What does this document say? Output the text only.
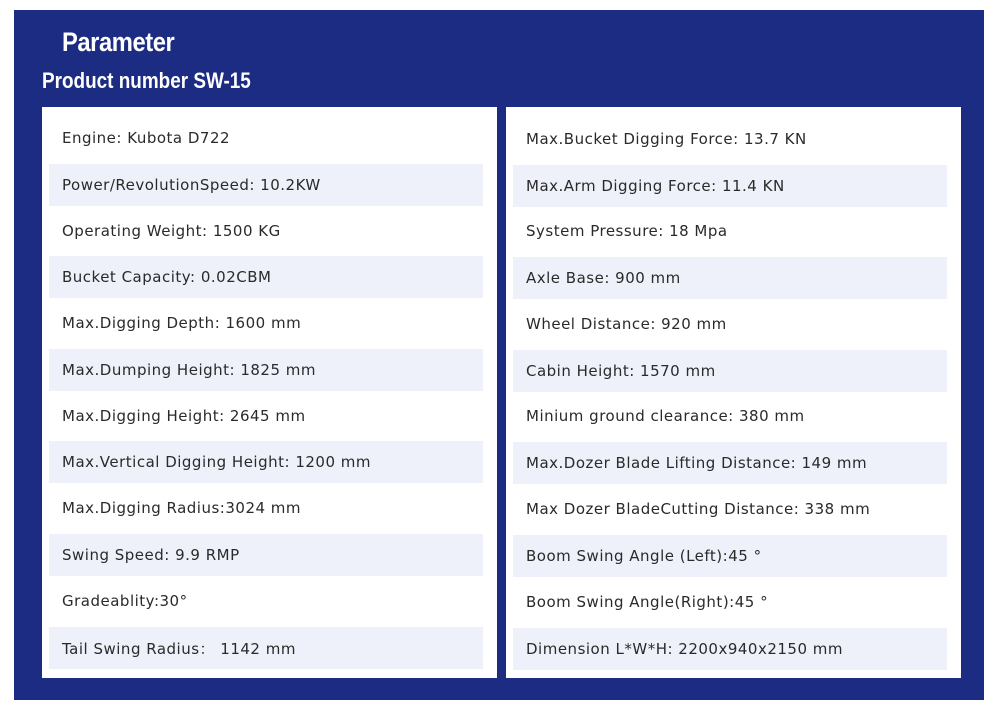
Parameter
Product number SW-15
Engine: Kubota D722
Power/RevolutionSpeed: 10.2KW
Operating Weight: 1500 KG
Bucket Capacity: 0.02CBM
Max.Digging Depth: 1600 mm
Max.Dumping Height: 1825 mm
Max.Digging Height: 2645 mm
Max.Vertical Digging Height: 1200 mm
Max.Digging Radius:3024 mm
Swing Speed: 9.9 RMP
Gradeablity:30°
Tail Swing Radius： 1142 mm
Max.Bucket Digging Force: 13.7 KN
Max.Arm Digging Force: 11.4 KN
System Pressure: 18 Mpa
Axle Base: 900 mm
Wheel Distance: 920 mm
Cabin Height: 1570 mm
Minium ground clearance: 380 mm
Max.Dozer Blade Lifting Distance: 149 mm
Max Dozer BladeCutting Distance: 338 mm
Boom Swing Angle (Left):45 °
Boom Swing Angle(Right):45 °
Dimension L*W*H: 2200x940x2150 mm
